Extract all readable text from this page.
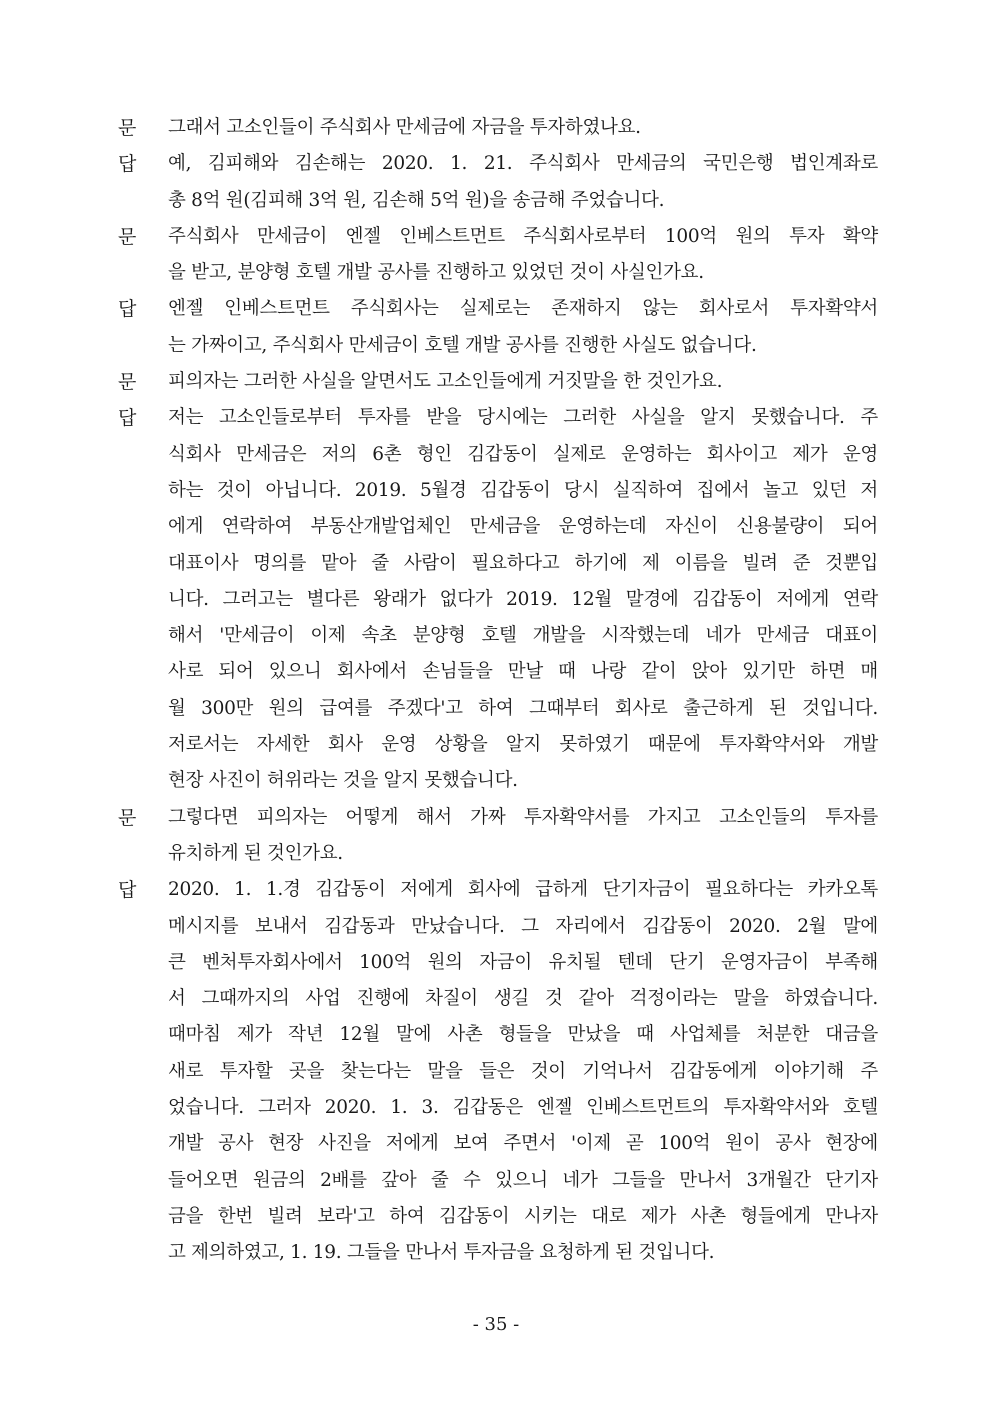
문	그래서 고소인들이 주식회사 만세금에 자금을 투자하였나요.
답	예, 김피해와 김손해는 2020. 1. 21. 주식회사 만세금의 국민은행 법인계좌로
총 8억 원(김피해 3억 원, 김손해 5억 원)을 송금해 주었습니다.
문	주식회사 만세금이 엔젤 인베스트먼트 주식회사로부터 100억 원의 투자 확약
을 받고, 분양형 호텔 개발 공사를 진행하고 있었던 것이 사실인가요.
답	엔젤 인베스트먼트 주식회사는 실제로는 존재하지 않는 회사로서 투자확약서
는 가짜이고, 주식회사 만세금이 호텔 개발 공사를 진행한 사실도 없습니다.
문	피의자는 그러한 사실을 알면서도 고소인들에게 거짓말을 한 것인가요.
답	저는 고소인들로부터 투자를 받을 당시에는 그러한 사실을 알지 못했습니다. 주
식회사 만세금은 저의 6촌 형인 김갑동이 실제로 운영하는 회사이고 제가 운영
하는 것이 아닙니다. 2019. 5월경 김갑동이 당시 실직하여 집에서 놀고 있던 저
에게 연락하여 부동산개발업체인 만세금을 운영하는데 자신이 신용불량이 되어
대표이사 명의를 맡아 줄 사람이 필요하다고 하기에 제 이름을 빌려 준 것뿐입
니다. 그러고는 별다른 왕래가 없다가 2019. 12월 말경에 김갑동이 저에게 연락
해서 '만세금이 이제 속초 분양형 호텔 개발을 시작했는데 네가 만세금 대표이
사로 되어 있으니 회사에서 손님들을 만날 때 나랑 같이 앉아 있기만 하면 매
월 300만 원의 급여를 주겠다'고 하여 그때부터 회사로 출근하게 된 것입니다.
저로서는 자세한 회사 운영 상황을 알지 못하였기 때문에 투자확약서와 개발
현장 사진이 허위라는 것을 알지 못했습니다.
문	그렇다면 피의자는 어떻게 해서 가짜 투자확약서를 가지고 고소인들의 투자를
유치하게 된 것인가요.
답	2020. 1. 1.경 김갑동이 저에게 회사에 급하게 단기자금이 필요하다는 카카오톡
메시지를 보내서 김갑동과 만났습니다. 그 자리에서 김갑동이 2020. 2월 말에
큰 벤처투자회사에서 100억 원의 자금이 유치될 텐데 단기 운영자금이 부족해
서 그때까지의 사업 진행에 차질이 생길 것 같아 걱정이라는 말을 하였습니다.
때마침 제가 작년 12월 말에 사촌 형들을 만났을 때 사업체를 처분한 대금을
새로 투자할 곳을 찾는다는 말을 들은 것이 기억나서 김갑동에게 이야기해 주
었습니다. 그러자 2020. 1. 3. 김갑동은 엔젤 인베스트먼트의 투자확약서와 호텔
개발 공사 현장 사진을 저에게 보여 주면서 '이제 곧 100억 원이 공사 현장에
들어오면 원금의 2배를 갚아 줄 수 있으니 네가 그들을 만나서 3개월간 단기자
금을 한번 빌려 보라'고 하여 김갑동이 시키는 대로 제가 사촌 형들에게 만나자
고 제의하였고, 1. 19. 그들을 만나서 투자금을 요청하게 된 것입니다.
- 35 -
